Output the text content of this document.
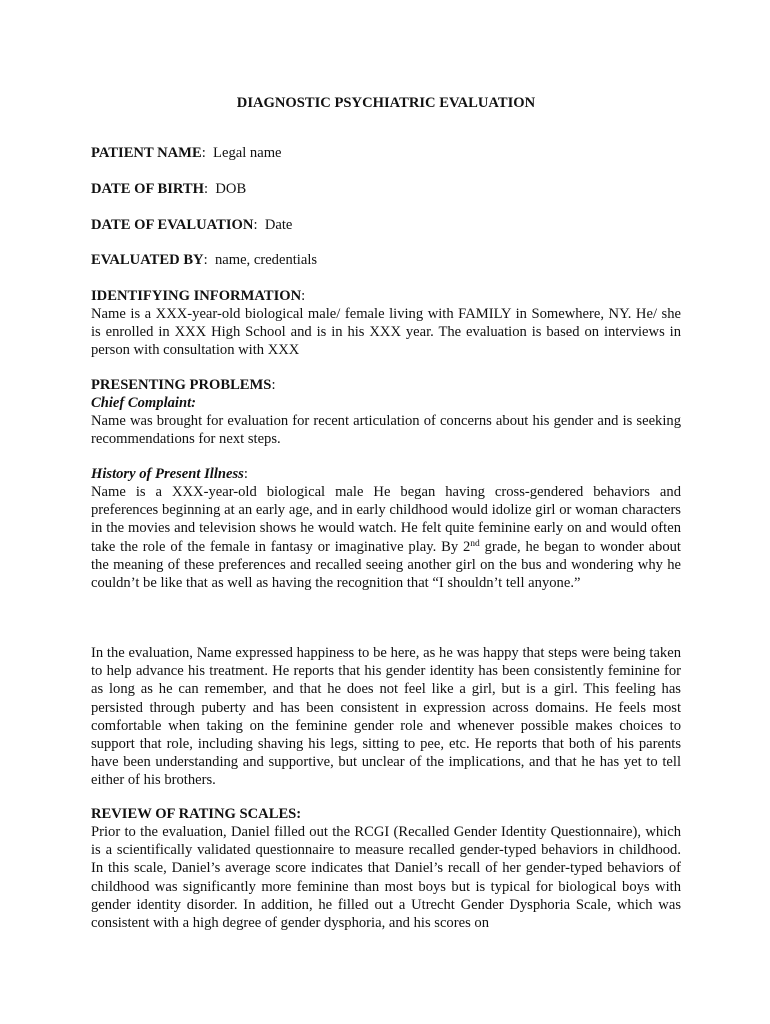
DIAGNOSTIC PSYCHIATRIC EVALUATION
PATIENT NAME:  Legal name
DATE OF BIRTH:  DOB
DATE OF EVALUATION:  Date
EVALUATED BY:  name, credentials
IDENTIFYING INFORMATION:
Name is a XXX-year-old biological male/ female living with FAMILY in Somewhere, NY. He/ she is enrolled in XXX High School and is in his XXX year. The evaluation is based on interviews in person with consultation with XXX
PRESENTING PROBLEMS:
Chief Complaint:
Name was brought for evaluation for recent articulation of concerns about his gender and is seeking recommendations for next steps.
History of Present Illness:
Name is a XXX-year-old biological male He began having cross-gendered behaviors and preferences beginning at an early age, and in early childhood would idolize girl or woman characters in the movies and television shows he would watch. He felt quite feminine early on and would often take the role of the female in fantasy or imaginative play. By 2nd grade, he began to wonder about the meaning of these preferences and recalled seeing another girl on the bus and wondering why he couldn’t be like that as well as having the recognition that “I shouldn’t tell anyone.”
In the evaluation, Name expressed happiness to be here, as he was happy that steps were being taken to help advance his treatment. He reports that his gender identity has been consistently feminine for as long as he can remember, and that he does not feel like a girl, but is a girl. This feeling has persisted through puberty and has been consistent in expression across domains. He feels most comfortable when taking on the feminine gender role and whenever possible makes choices to support that role, including shaving his legs, sitting to pee, etc. He reports that both of his parents have been understanding and supportive, but unclear of the implications, and that he has yet to tell either of his brothers.
REVIEW OF RATING SCALES:
Prior to the evaluation, Daniel filled out the RCGI (Recalled Gender Identity Questionnaire), which is a scientifically validated questionnaire to measure recalled gender-typed behaviors in childhood. In this scale, Daniel’s average score indicates that Daniel’s recall of her gender-typed behaviors of childhood was significantly more feminine than most boys but is typical for biological boys with gender identity disorder. In addition, he filled out a Utrecht Gender Dysphoria Scale, which was consistent with a high degree of gender dysphoria, and his scores on
